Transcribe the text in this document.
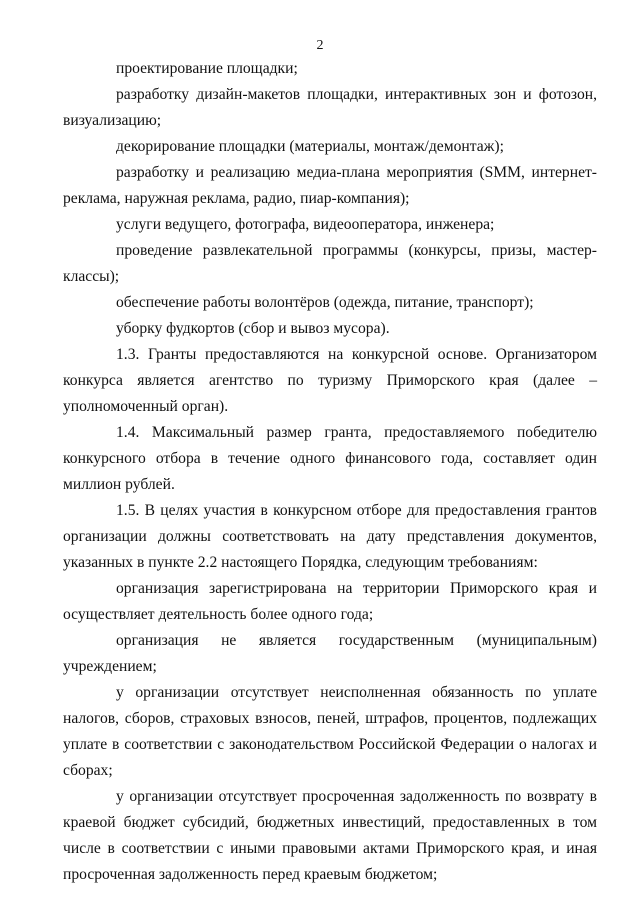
2

проектирование площадки;

разработку дизайн-макетов площадки, интерактивных зон и фотозон, визуализацию;

декорирование площадки (материалы, монтаж/демонтаж);

разработку и реализацию медиа-плана мероприятия (SMM, интернет-реклама, наружная реклама, радио, пиар-компания);

услуги ведущего, фотографа, видеооператора, инженера;

проведение развлекательной программы (конкурсы, призы, мастер-классы);

обеспечение работы волонтёров (одежда, питание, транспорт);

уборку фудкортов (сбор и вывоз мусора).

1.3. Гранты предоставляются на конкурсной основе. Организатором конкурса является агентство по туризму Приморского края (далее – уполномоченный орган).

1.4. Максимальный размер гранта, предоставляемого победителю конкурсного отбора в течение одного финансового года, составляет один миллион рублей.

1.5. В целях участия в конкурсном отборе для предоставления грантов организации должны соответствовать на дату представления документов, указанных в пункте 2.2 настоящего Порядка, следующим требованиям:

организация зарегистрирована на территории Приморского края и осуществляет деятельность более одного года;

организация не является государственным (муниципальным) учреждением;

у организации отсутствует неисполненная обязанность по уплате налогов, сборов, страховых взносов, пеней, штрафов, процентов, подлежащих уплате в соответствии с законодательством Российской Федерации о налогах и сборах;

у организации отсутствует просроченная задолженность по возврату в краевой бюджет субсидий, бюджетных инвестиций, предоставленных в том числе в соответствии с иными правовыми актами Приморского края, и иная просроченная задолженность перед краевым бюджетом;
